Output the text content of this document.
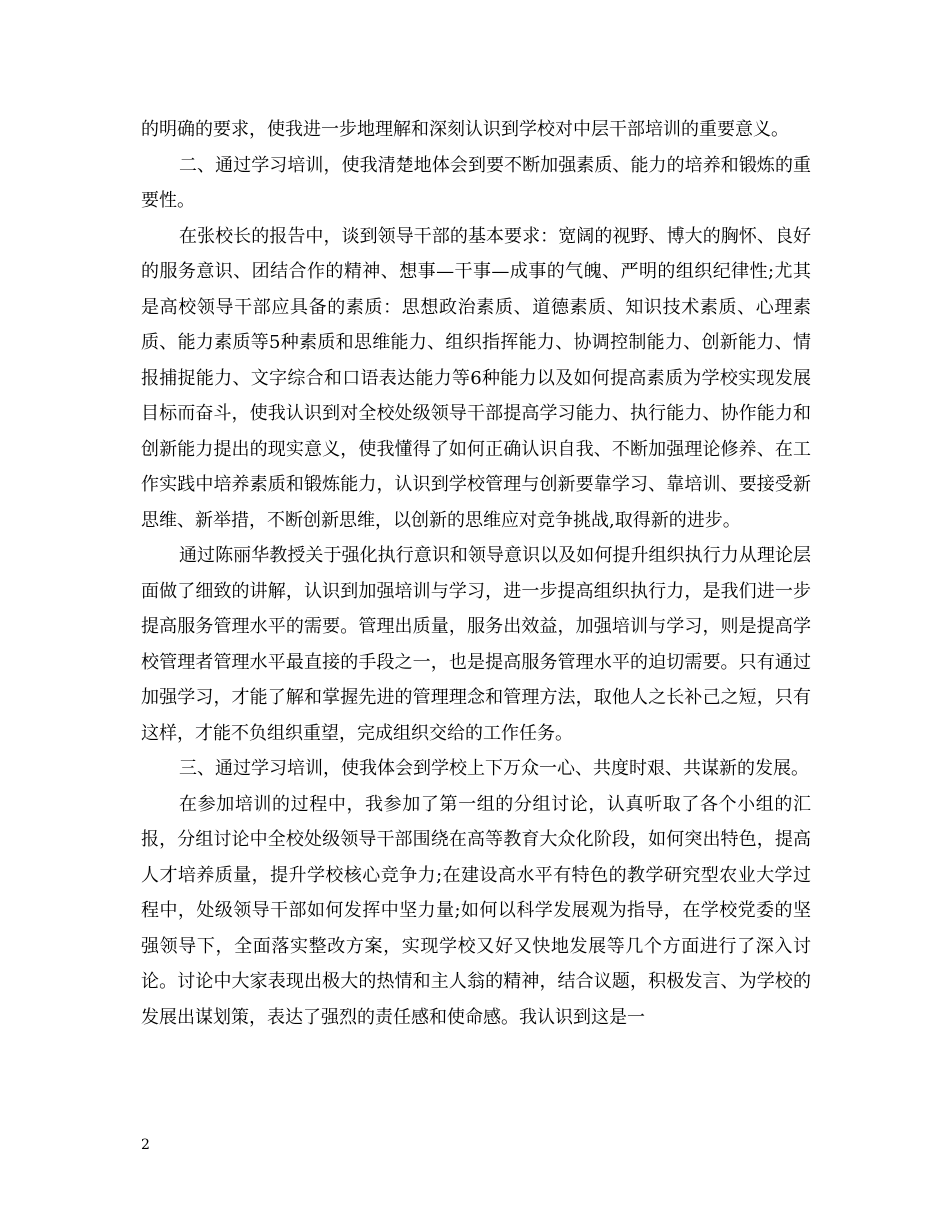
的明确的要求，使我进一步地理解和深刻认识到学校对中层干部培训的重要意义。

二、通过学习培训，使我清楚地体会到要不断加强素质、能力的培养和锻炼的重要性。

在张校长的报告中，谈到领导干部的基本要求：宽阔的视野、博大的胸怀、良好的服务意识、团结合作的精神、想事—干事—成事的气魄、严明的组织纪律性;尤其是高校领导干部应具备的素质：思想政治素质、道德素质、知识技术素质、心理素质、能力素质等5种素质和思维能力、组织指挥能力、协调控制能力、创新能力、情报捕捉能力、文字综合和口语表达能力等6种能力以及如何提高素质为学校实现发展目标而奋斗，使我认识到对全校处级领导干部提高学习能力、执行能力、协作能力和创新能力提出的现实意义，使我懂得了如何正确认识自我、不断加强理论修养、在工作实践中培养素质和锻炼能力，认识到学校管理与创新要靠学习、靠培训、要接受新思维、新举措，不断创新思维，以创新的思维应对竞争挑战,取得新的进步。

通过陈丽华教授关于强化执行意识和领导意识以及如何提升组织执行力从理论层面做了细致的讲解，认识到加强培训与学习，进一步提高组织执行力，是我们进一步提高服务管理水平的需要。管理出质量，服务出效益，加强培训与学习，则是提高学校管理者管理水平最直接的手段之一，也是提高服务管理水平的迫切需要。只有通过加强学习，才能了解和掌握先进的管理理念和管理方法，取他人之长补己之短，只有这样，才能不负组织重望，完成组织交给的工作任务。

三、通过学习培训，使我体会到学校上下万众一心、共度时艰、共谋新的发展。

在参加培训的过程中，我参加了第一组的分组讨论，认真听取了各个小组的汇报，分组讨论中全校处级领导干部围绕在高等教育大众化阶段，如何突出特色，提高人才培养质量，提升学校核心竞争力;在建设高水平有特色的教学研究型农业大学过程中，处级领导干部如何发挥中坚力量;如何以科学发展观为指导，在学校党委的坚强领导下，全面落实整改方案，实现学校又好又快地发展等几个方面进行了深入讨论。讨论中大家表现出极大的热情和主人翁的精神，结合议题，积极发言、为学校的发展出谋划策，表达了强烈的责任感和使命感。我认识到这是一

2
